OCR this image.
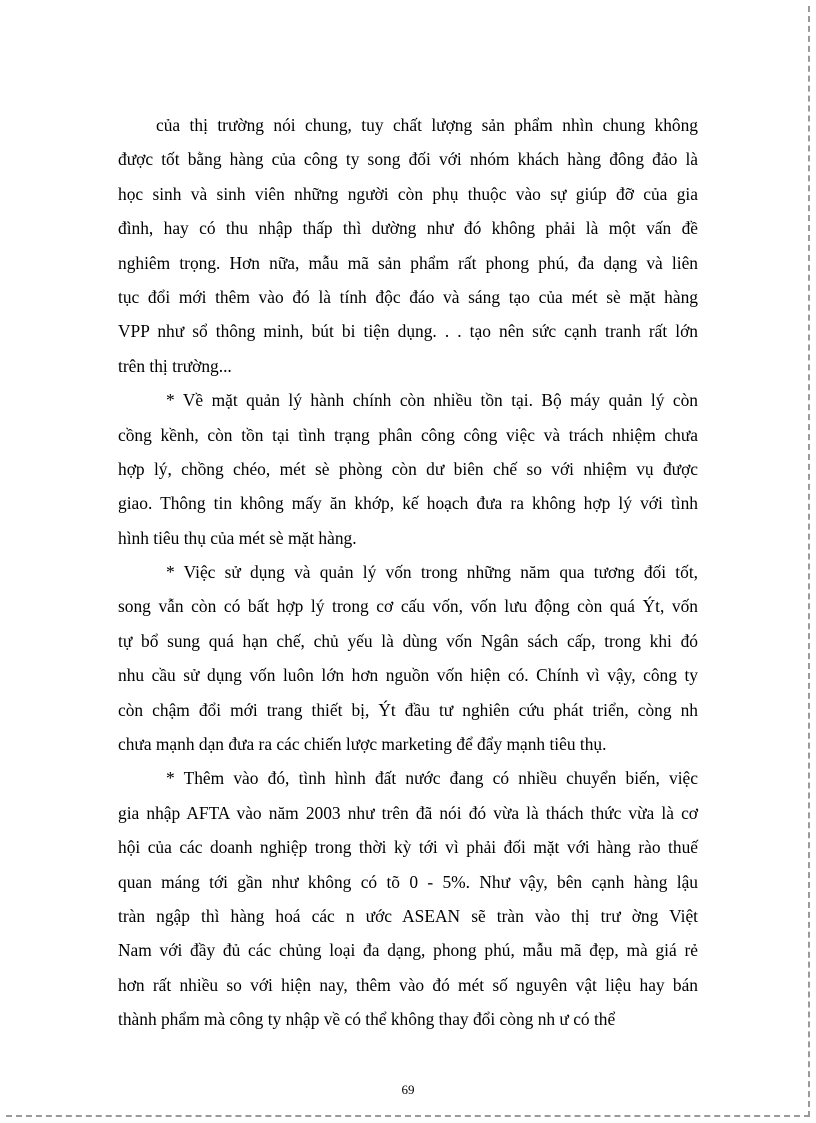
của thị trường nói chung, tuy chất lượng sản phẩm nhìn chung không
được tốt bằng hàng của công ty song đối với nhóm khách hàng đông đảo là
học sinh và sinh viên những người còn phụ thuộc vào sự giúp đỡ của gia
đình, hay có thu nhập thấp thì dường như đó không phải là một vấn đề
nghiêm trọng. Hơn nữa, mẫu mã sản phẩm rất phong phú, đa dạng và liên
tục đổi mới thêm vào đó là tính độc đáo và sáng tạo của mét sè mặt hàng
VPP như sổ thông minh, bút bi tiện dụng. . . tạo nên sức cạnh tranh rất lớn
trên thị trường...
* Về mặt quản lý hành chính còn nhiều tồn tại. Bộ máy quản lý còn
cồng kềnh, còn tồn tại tình trạng phân công công việc và trách nhiệm chưa
hợp lý, chồng chéo, mét sè phòng còn dư biên chế so với nhiệm vụ được
giao. Thông tin không mấy ăn khớp, kế hoạch đưa ra không hợp lý với tình
hình tiêu thụ của mét sè mặt hàng.
* Việc sử dụng và quản lý vốn trong những năm qua tương đối tốt,
song vẫn còn có bất hợp lý trong cơ cấu vốn, vốn lưu động còn quá Ýt, vốn
tự bổ sung quá hạn chế, chủ yếu là dùng vốn Ngân sách cấp, trong khi đó
nhu cầu sử dụng vốn luôn lớn hơn nguồn vốn hiện có. Chính vì vậy, công ty
còn chậm đổi mới trang thiết bị, Ýt đầu tư nghiên cứu phát triển, còng nh
chưa mạnh dạn đưa ra các chiến lược marketing để đẩy mạnh tiêu thụ.
* Thêm vào đó, tình hình đất nước đang có nhiều chuyển biến, việc
gia nhập AFTA vào năm 2003 như trên đã nói đó vừa là thách thức vừa là cơ
hội của các doanh nghiệp trong thời kỳ tới vì phải đối mặt với hàng rào thuế
quan máng tới gần như không có tõ 0 - 5%. Như vậy, bên cạnh hàng lậu
tràn ngập thì hàng hoá các n ước ASEAN sẽ tràn vào thị trư ờng Việt
Nam với đầy đủ các chủng loại đa dạng, phong phú, mẫu mã đẹp, mà giá rẻ
hơn rất nhiều so với hiện nay, thêm vào đó mét số nguyên vật liệu hay bán
thành phẩm mà công ty nhập về có thể không thay đổi còng nh ư có thể
69
